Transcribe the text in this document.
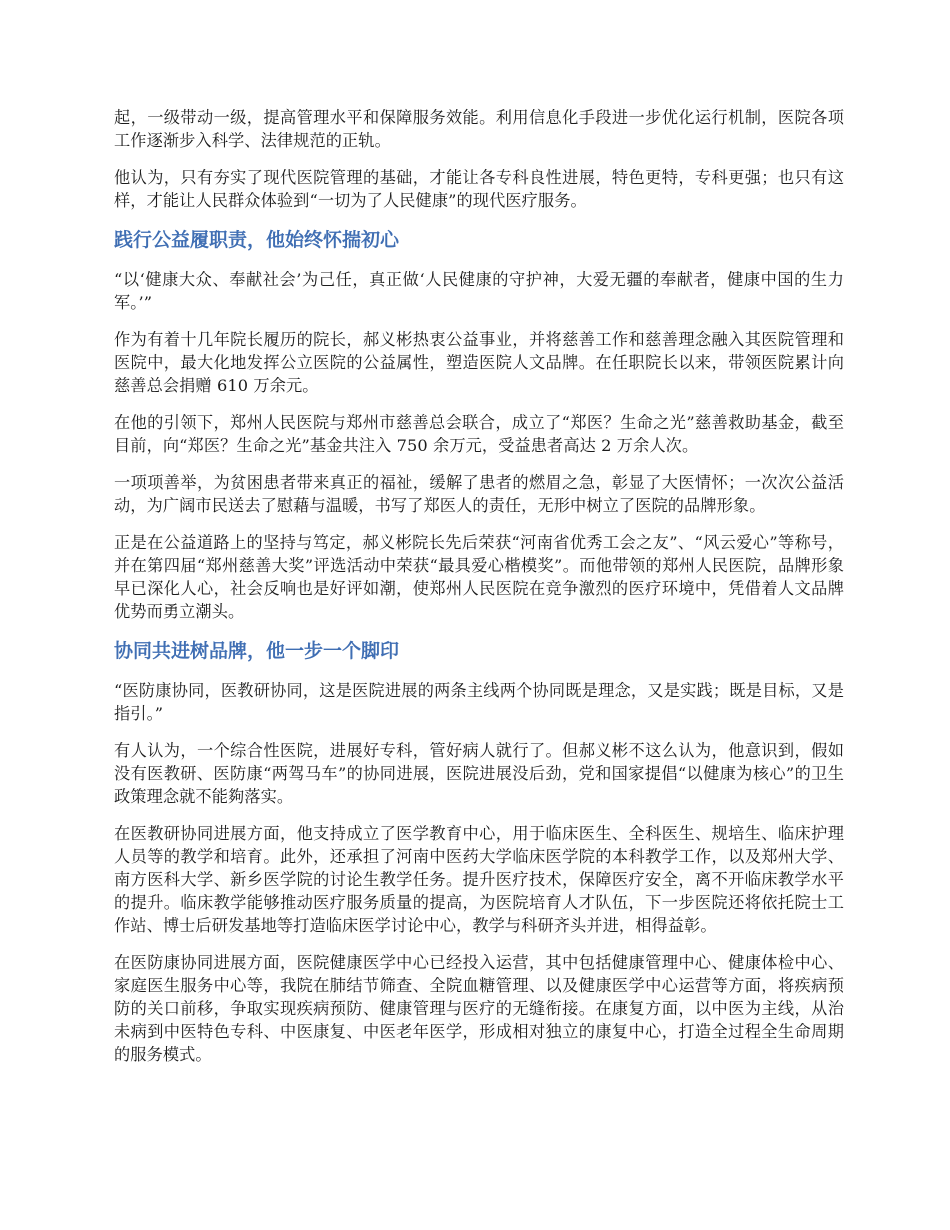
起，一级带动一级，提高管理水平和保障服务效能。利用信息化手段进一步优化运行机制，医院各项工作逐渐步入科学、法律规范的正轨。

他认为，只有夯实了现代医院管理的基础，才能让各专科良性进展，特色更特，专科更强；也只有这样，才能让人民群众体验到“一切为了人民健康”的现代医疗服务。

践行公益履职责，他始终怀揣初心

“以‘健康大众、奉献社会’为己任，真正做‘人民健康的守护神，大爱无疆的奉献者，健康中国的生力军。’”

作为有着十几年院长履历的院长，郝义彬热衷公益事业，并将慈善工作和慈善理念融入其医院管理和医院中，最大化地发挥公立医院的公益属性，塑造医院人文品牌。在任职院长以来，带领医院累计向慈善总会捐赠 610 万余元。

在他的引领下，郑州人民医院与郑州市慈善总会联合，成立了“郑医？生命之光”慈善救助基金，截至目前，向“郑医？生命之光”基金共注入 750 余万元，受益患者高达 2 万余人次。

一项项善举，为贫困患者带来真正的福祉，缓解了患者的燃眉之急，彰显了大医情怀；一次次公益活动，为广阔市民送去了慰藉与温暖，书写了郑医人的责任，无形中树立了医院的品牌形象。

正是在公益道路上的坚持与笃定，郝义彬院长先后荣获“河南省优秀工会之友”、“风云爱心”等称号，并在第四届“郑州慈善大奖”评选活动中荣获“最具爱心楷模奖”。而他带领的郑州人民医院，品牌形象早已深化人心，社会反响也是好评如潮，使郑州人民医院在竞争激烈的医疗环境中，凭借着人文品牌优势而勇立潮头。

协同共进树品牌，他一步一个脚印

“医防康协同，医教研协同，这是医院进展的两条主线两个协同既是理念，又是实践；既是目标，又是指引。”

有人认为，一个综合性医院，进展好专科，管好病人就行了。但郝义彬不这么认为，他意识到，假如没有医教研、医防康“两驾马车”的协同进展，医院进展没后劲，党和国家提倡“以健康为核心”的卫生政策理念就不能夠落实。

在医教研协同进展方面，他支持成立了医学教育中心，用于临床医生、全科医生、规培生、临床护理人员等的教学和培育。此外，还承担了河南中医药大学临床医学院的本科教学工作，以及郑州大学、南方医科大学、新乡医学院的讨论生教学任务。提升医疗技术，保障医疗安全，离不开临床教学水平的提升。临床教学能够推动医疗服务质量的提高，为医院培育人才队伍，下一步医院还将依托院士工作站、博士后研发基地等打造临床医学讨论中心，教学与科研齐头并进，相得益彰。

在医防康协同进展方面，医院健康医学中心已经投入运营，其中包括健康管理中心、健康体检中心、家庭医生服务中心等，我院在肺结节筛查、全院血糖管理、以及健康医学中心运营等方面，将疾病预防的关口前移，争取实现疾病预防、健康管理与医疗的无缝衔接。在康复方面，以中医为主线，从治未病到中医特色专科、中医康复、中医老年医学，形成相对独立的康复中心，打造全过程全生命周期的服务模式。
